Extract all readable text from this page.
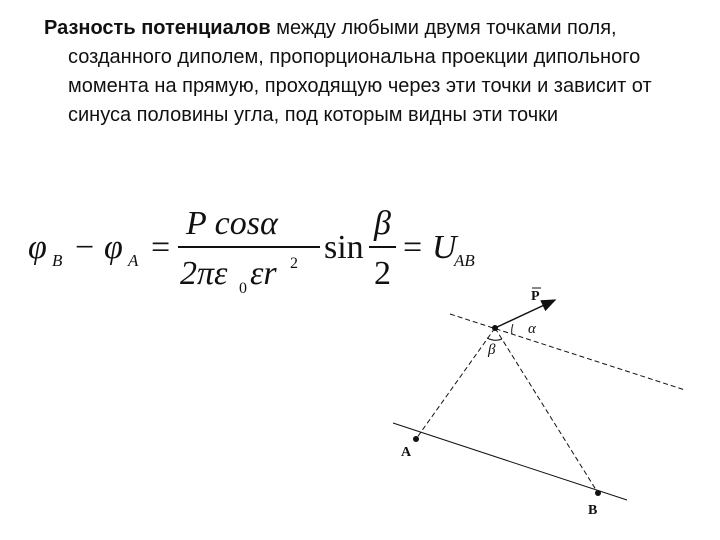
Разность потенциалов между любыми двумя точками поля, созданного диполем, пропорциональна проекции дипольного момента на прямую, проходящую через эти точки и зависит от синуса половины угла, под которым видны эти точки

φ B − φ A =
P cosα
2πε 0 εr 2 sin
β
2
= U
AB
P
A
B
α
β
